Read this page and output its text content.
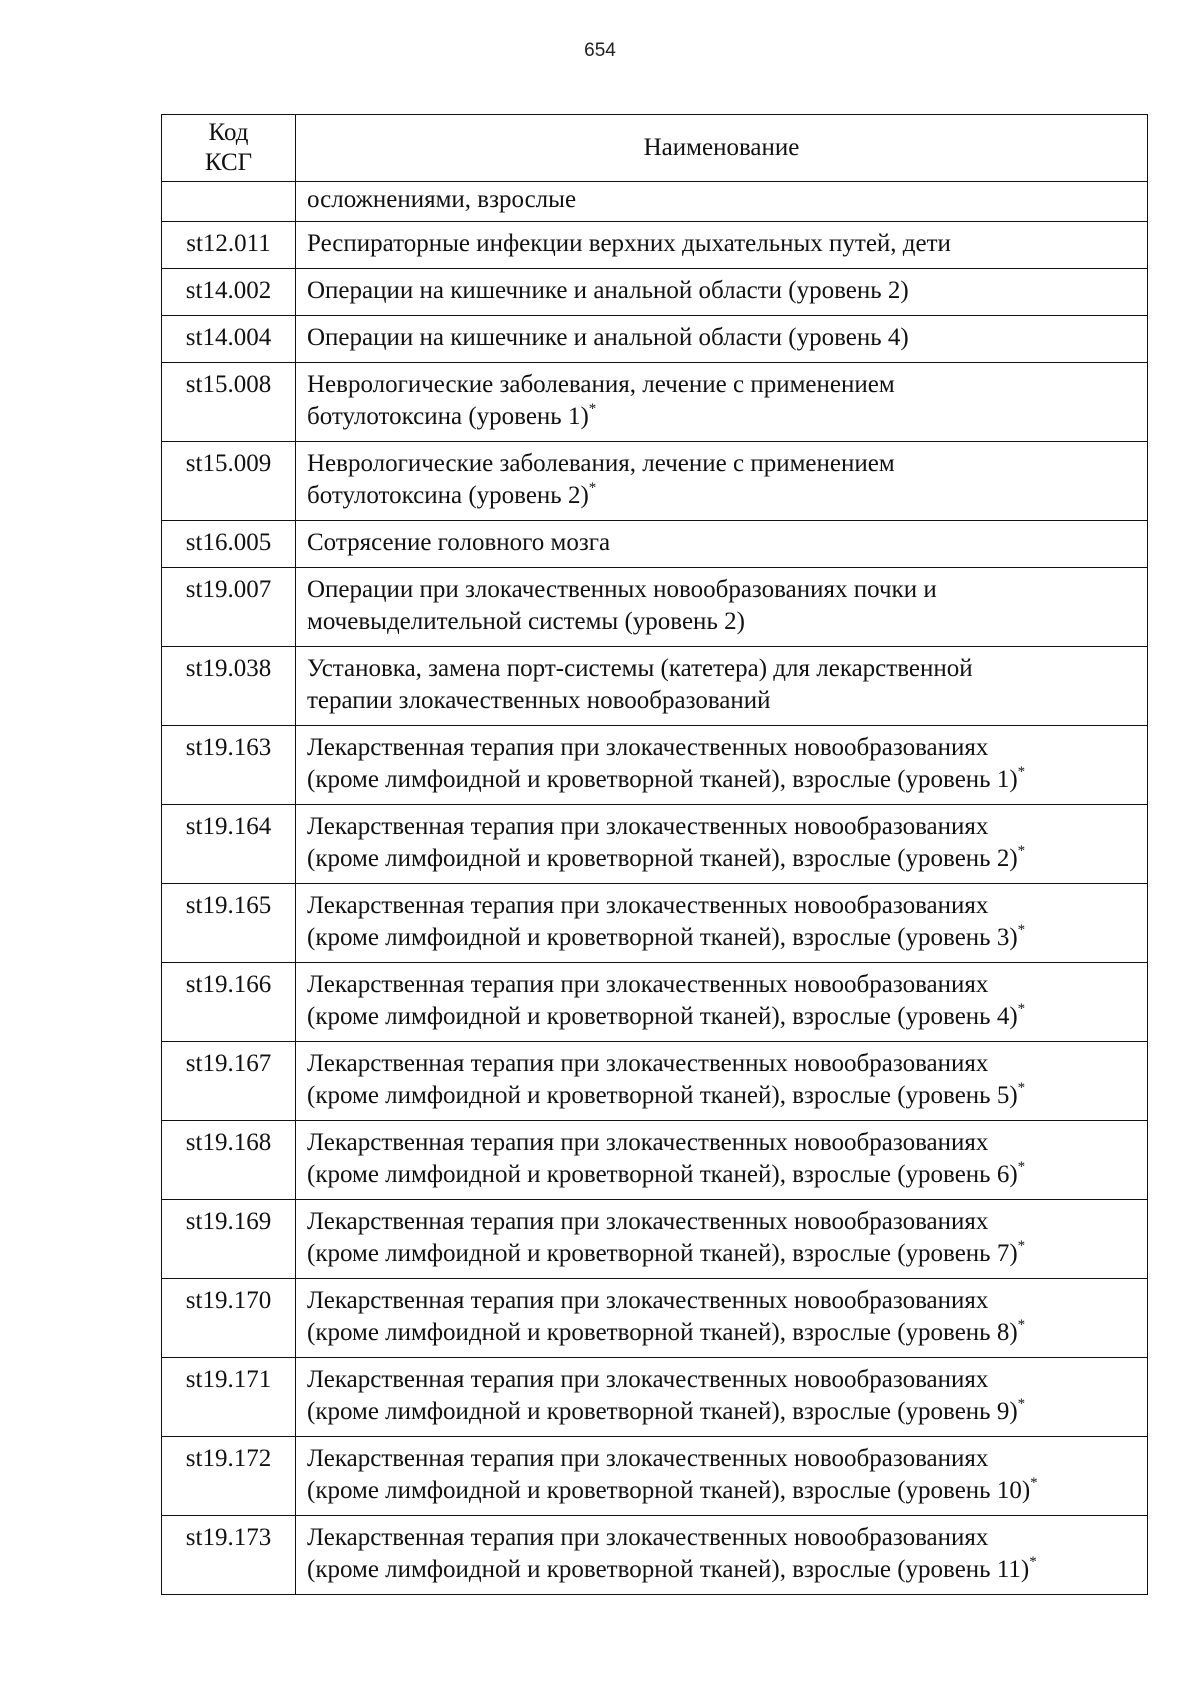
654
Код
КСГ	Наименование
	осложнениями, взрослые
st12.011	Респираторные инфекции верхних дыхательных путей, дети
st14.002	Операции на кишечнике и анальной области (уровень 2)
st14.004	Операции на кишечнике и анальной области (уровень 4)
st15.008	Неврологические заболевания, лечение с применением
ботулотоксина (уровень 1)*
st15.009	Неврологические заболевания, лечение с применением
ботулотоксина (уровень 2)*
st16.005	Сотрясение головного мозга
st19.007	Операции при злокачественных новообразованиях почки и
мочевыделительной системы (уровень 2)
st19.038	Установка, замена порт-системы (катетера) для лекарственной
терапии злокачественных новообразований
st19.163	Лекарственная терапия при злокачественных новообразованиях
(кроме лимфоидной и кроветворной тканей), взрослые (уровень 1)*
st19.164	Лекарственная терапия при злокачественных новообразованиях
(кроме лимфоидной и кроветворной тканей), взрослые (уровень 2)*
st19.165	Лекарственная терапия при злокачественных новообразованиях
(кроме лимфоидной и кроветворной тканей), взрослые (уровень 3)*
st19.166	Лекарственная терапия при злокачественных новообразованиях
(кроме лимфоидной и кроветворной тканей), взрослые (уровень 4)*
st19.167	Лекарственная терапия при злокачественных новообразованиях
(кроме лимфоидной и кроветворной тканей), взрослые (уровень 5)*
st19.168	Лекарственная терапия при злокачественных новообразованиях
(кроме лимфоидной и кроветворной тканей), взрослые (уровень 6)*
st19.169	Лекарственная терапия при злокачественных новообразованиях
(кроме лимфоидной и кроветворной тканей), взрослые (уровень 7)*
st19.170	Лекарственная терапия при злокачественных новообразованиях
(кроме лимфоидной и кроветворной тканей), взрослые (уровень 8)*
st19.171	Лекарственная терапия при злокачественных новообразованиях
(кроме лимфоидной и кроветворной тканей), взрослые (уровень 9)*
st19.172	Лекарственная терапия при злокачественных новообразованиях
(кроме лимфоидной и кроветворной тканей), взрослые (уровень 10)*
st19.173	Лекарственная терапия при злокачественных новообразованиях
(кроме лимфоидной и кроветворной тканей), взрослые (уровень 11)*
